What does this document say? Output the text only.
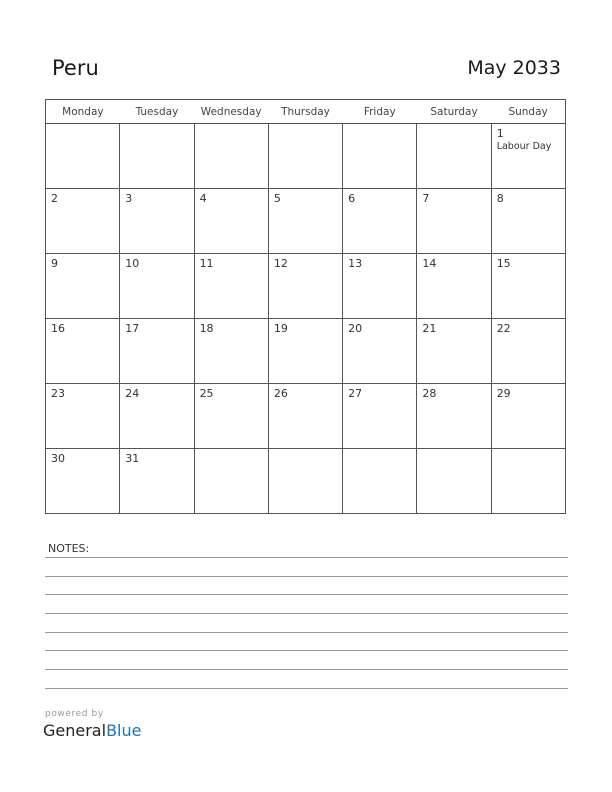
Peru	May 2033
Monday	Tuesday	Wednesday	Thursday	Friday	Saturday	Sunday

						1
Labour Day

2	3	4	5	6	7	8

9	10	11	12	13	14	15

16	17	18	19	20	21	22

23	24	25	26	27	28	29

30	31					

NOTES:
powered by
GeneralBlue
